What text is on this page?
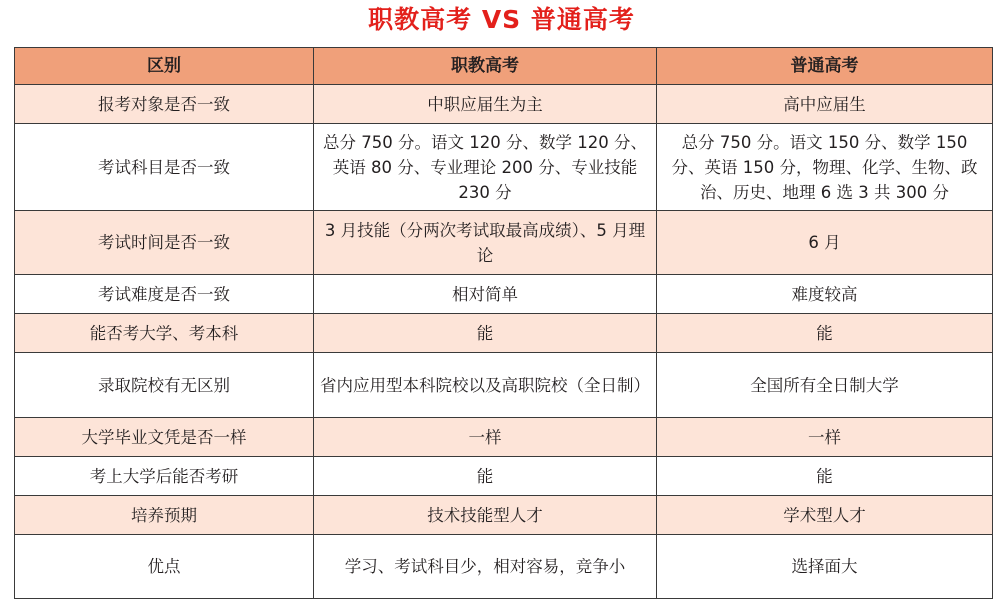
职教高考 VS 普通高考
区别	职教高考	普通高考
报考对象是否一致	中职应届生为主	高中应届生
考试科目是否一致	总分 750 分。语文 120 分、数学 120 分、英语 80 分、专业理论 200 分、专业技能 230 分	总分 750 分。语文 150 分、数学 150 分、英语 150 分，物理、化学、生物、政治、历史、地理 6 选 3 共 300 分
考试时间是否一致	3 月技能（分两次考试取最高成绩）、5 月理论	6 月
考试难度是否一致	相对简单	难度较高
能否考大学、考本科	能	能
录取院校有无区别	省内应用型本科院校以及高职院校（全日制）	全国所有全日制大学
大学毕业文凭是否一样	一样	一样
考上大学后能否考研	能	能
培养预期	技术技能型人才	学术型人才
优点	学习、考试科目少，相对容易，竞争小	选择面大
